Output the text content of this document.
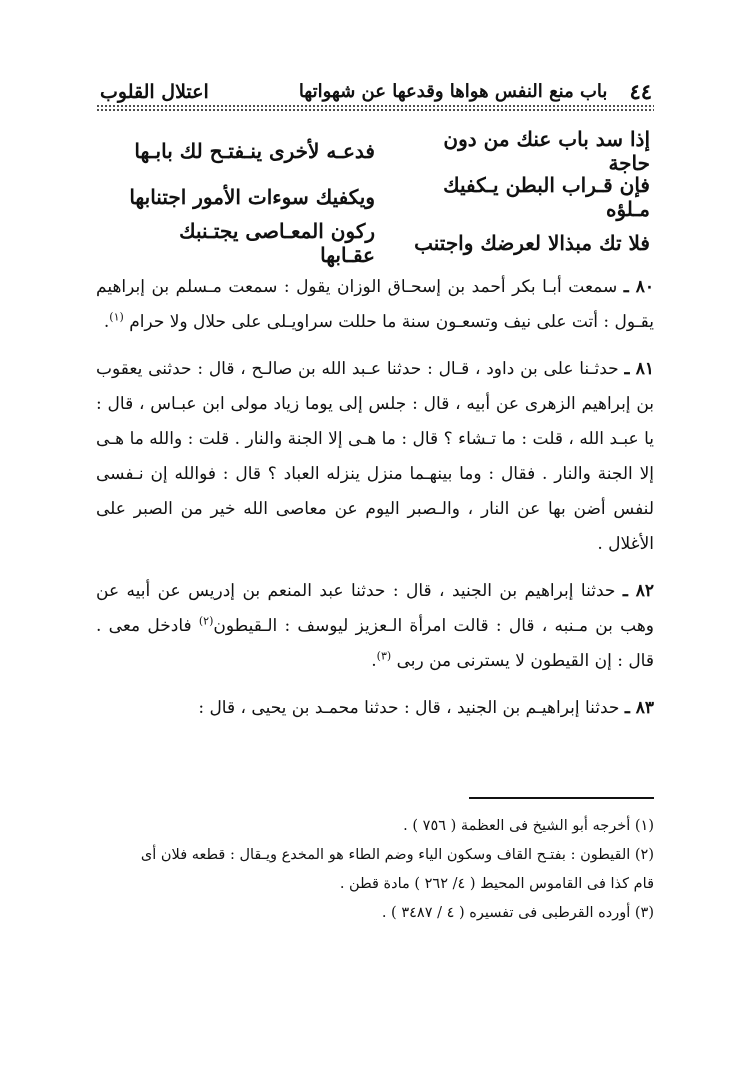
٤٤
باب منع النفس هواها وقدعها عن شهواتها
اعتلال القلوب
إذا سد باب عنك من دون حاجة
فدعـه لأخرى ينـفتـح لك بابـها
فإن قـراب البطن يـكفيك مـلؤه
ويكفيك سوءات الأمور اجتنابها
فلا تك مبذالا لعرضك واجتنب
ركون المعـاصى يجتـنبك عقـابها

٨٠ ـ سمعت أبـا بكر أحمد بن إسحـاق الوزان يقول : سمعت مـسلم بن إبراهيم يقـول : أتت على نيف وتسعـون سنة ما حللت سراويـلى على حلال ولا حرام $^{(١)}$.

٨١ ـ حدثـنا على بن داود ، قـال : حدثنا عـبد الله بن صالـح ، قال : حدثنى يعقوب بن إبراهيم الزهرى عن أبيه ، قال : جلس إلى يوما زياد مولى ابن عبـاس ، قال : يا عبـد الله ، قلت : ما تـشاء ؟ قال : ما هـى إلا الجنة والنار . قلت : والله ما هـى إلا الجنة والنار . فقال : وما بينهـما منزل ينزله العباد ؟ قال : فوالله إن نـفسى لنفس أضن بها عن النار ، والـصبر اليوم عن معاصى الله خير من الصبر على الأغلال .

٨٢ ـ حدثنا إبراهيم بن الجنيد ، قال : حدثنا عبد المنعم بن إدريس عن أبيه عن وهب بن مـنبه ، قال : قالت امرأة الـعزيز ليوسف : الـقيطون$^{(٢)}$ فادخل معى . قال : إن القيطون لا يسترنى من ربى $^{(٣)}$.

٨٣ ـ حدثنا إبراهيـم بن الجنيد ، قال : حدثنا محمـد بن يحيى ، قال :

(١) أخرجه أبو الشيخ فى العظمة ( ٧٥٦ ) .

(٢) القيطون : بفتـح القاف وسكون الياء وضم الطاء هو المخدع ويـقال : قطعه فلان أى

قام كذا فى القاموس المحيط ( ٤/ ٢٦٢ ) مادة قطن .

(٣) أورده القرطبى فى تفسيره ( ٤ / ٣٤٨٧ ) .
